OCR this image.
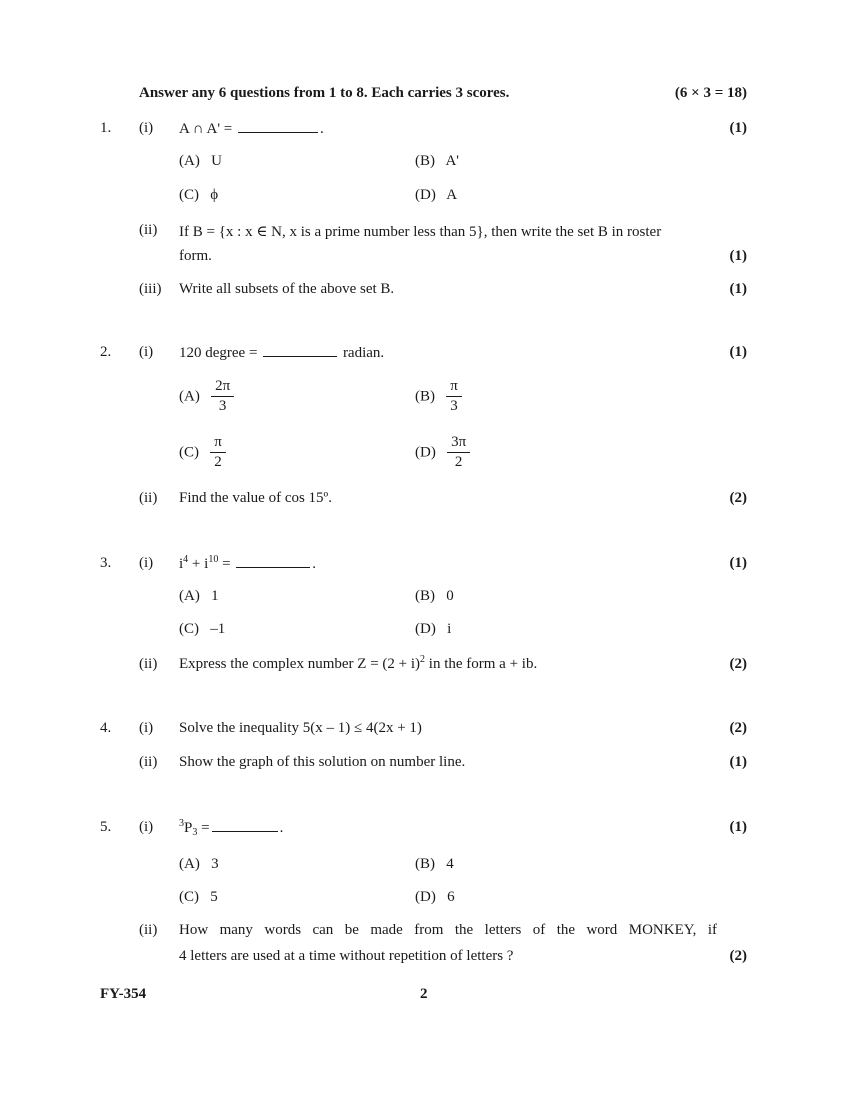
Answer any 6 questions from 1 to 8. Each carries 3 scores.	(6 × 3 = 18)
1. (i) A ∩ A' =	.	(1)
(A) U	(B) A'
(C) ϕ	(D) A
(ii) If B = {x : x ∈ N, x is a prime number less than 5}, then write the set B in roster
form.	(1)
(iii) Write all subsets of the above set B.	(1)
2. (i) 120 degree =	radian.	(1)
$(A) \frac{2\pi}{3}$	$(B) \frac{\pi}{3}$
$(C) \frac{\pi}{2}$	$(D) \frac{3\pi}{2}$
(ii) Find the value of cos 15º.	(2)
3. (i) $i^4 + i^{10}$ =	.	(1)
(A) 1	(B) 0
(C) –1	(D) i
(ii) Express the complex number $Z = (2 + i)^2$ in the form a + ib.	(2)
4. (i) Solve the inequality 5(x – 1) ≤ 4(2x + 1)	(2)
(ii) Show the graph of this solution on number line.	(1)
5. (i)	$^3P_3$ =	.	(1)
(A) 3	(B) 4
(C) 5	(D) 6
(ii) How many words can be made from the letters of the word MONKEY, if
4 letters are used at a time without repetition of letters ?	(2)
FY-354	2
